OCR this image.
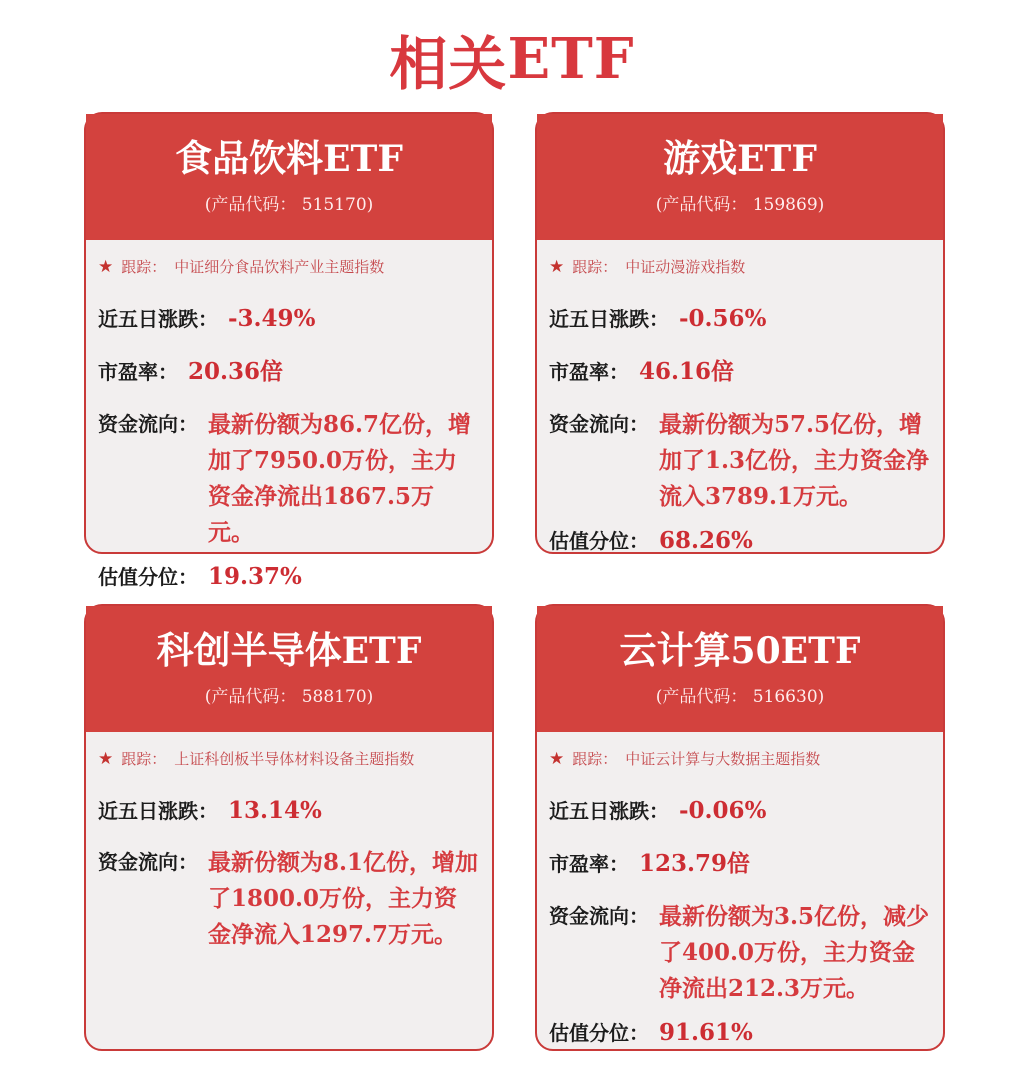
相关 ETF
食品饮料ETF
(产品代码： 515170)
★ 跟踪： 中证细分食品饮料产业主题指数
近五日涨跌： -3.49%
市盈率： 20.36 倍
资金流向： 最新份额为86.7亿份，增加了7950.0万份，主力资金净流出1867.5万元。
估值分位： 19.37%
游戏ETF
(产品代码： 159869)
★ 跟踪： 中证动漫游戏指数
近五日涨跌： -0.56%
市盈率： 46.16 倍
资金流向： 最新份额为57.5亿份，增加了1.3亿份，主力资金净流入3789.1万元。
估值分位： 68.26%
科创半导体ETF
(产品代码： 588170)
★ 跟踪： 上证科创板半导体材料设备主题指数
近五日涨跌： 13.14%
资金流向： 最新份额为8.1亿份，增加了1800.0万份，主力资金净流入1297.7万元。
云计算50ETF
(产品代码： 516630)
★ 跟踪： 中证云计算与大数据主题指数
近五日涨跌： -0.06%
市盈率： 123.79 倍
资金流向： 最新份额为3.5亿份，减少了400.0万份，主力资金净流出212.3万元。
估值分位： 91.61%
